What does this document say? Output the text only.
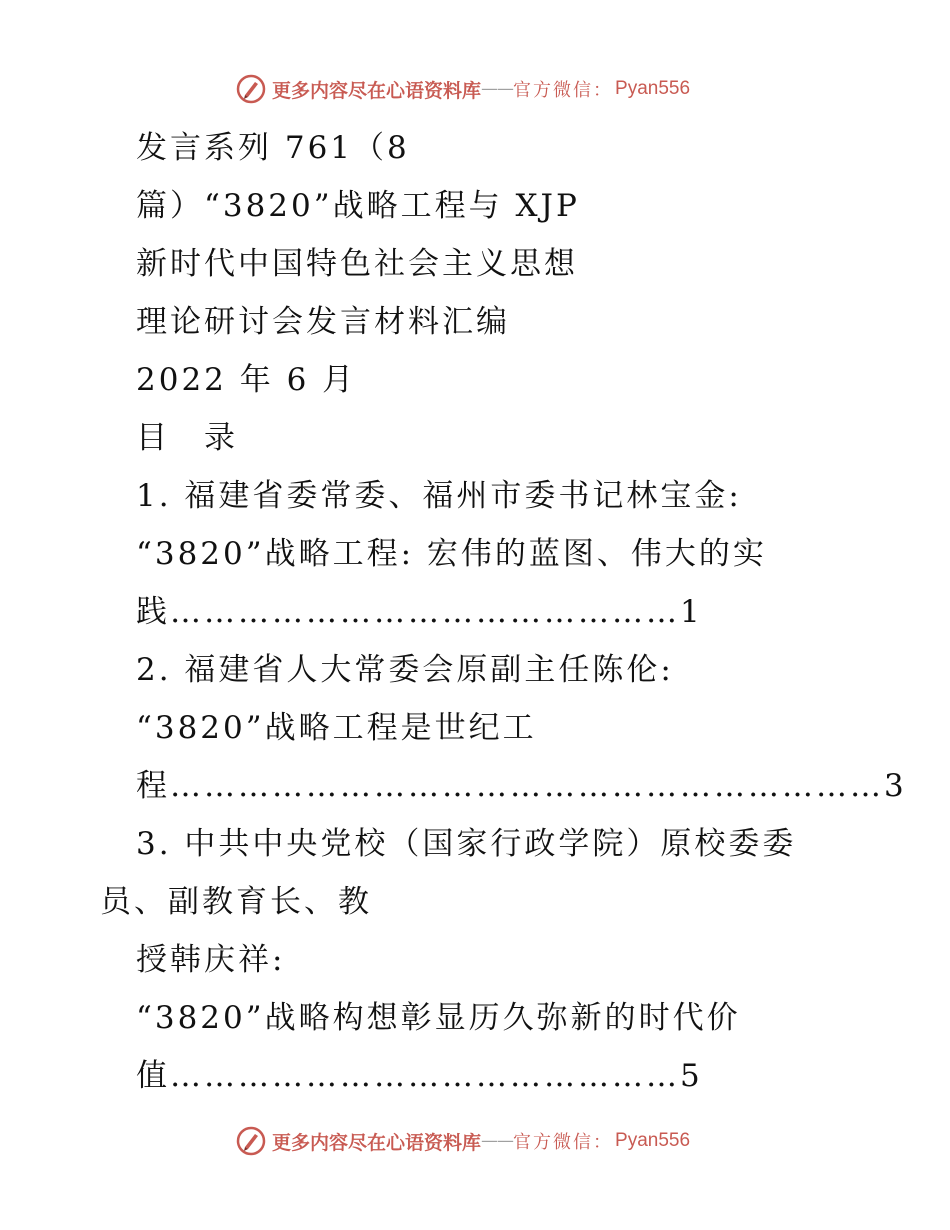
更多内容尽在心语资料库 —— 官方微信： Pyan556

发言系列 761（8

篇）“3820”战略工程与 XJP

新时代中国特色社会主义思想

理论研讨会发言材料汇编

2022 年 6 月

目　录

1. 福建省委常委、福州市委书记林宝金:

“3820”战略工程: 宏伟的蓝图、伟大的实

践………………………………………1

2. 福建省人大常委会原副主任陈伦:

“3820”战略工程是世纪工

程………………………………………………………3

3. 中共中央党校（国家行政学院）原校委委

员、副教育长、教

授韩庆祥:

“3820”战略构想彰显历久弥新的时代价

值………………………………………5

更多内容尽在心语资料库 —— 官方微信： Pyan556
